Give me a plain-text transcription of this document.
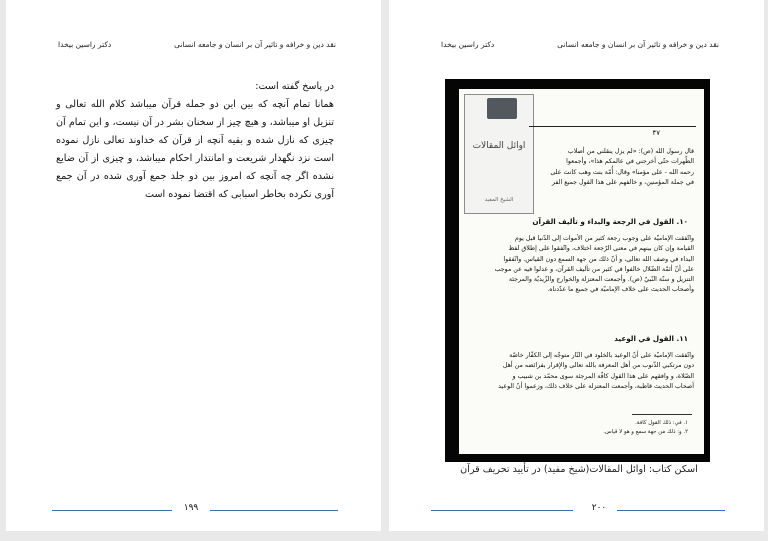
نقد دین و خرافه و تاثیر آن بر انسان و جامعه انسانی
دکتر راسین بیخدا

در پاسخ گفته است:

همانا تمام آنچه که بین این دو جمله قرآن میباشد کلام الله تعالی و تنزیل او میباشد، و هیچ چیز از سخنان بشر در آن نیست، و این تمام آن چیزی که نازل شده و بقیه آنچه از قرآن که خداوند تعالی نازل نموده است نزد نگهدار شریعت و امانتدار احکام میباشد، و چیزی از آن ضایع نشده اگر چه آنچه که امروز بین دو جلد جمع آوری شده در آن جمع آوری نکرده بخاطر اسبابی که اقتضا نموده است

۱۹۹
نقد دین و خرافه و تاثیر آن بر انسان و جامعه انسانی
دکتر راسین بیخدا
اوائل المقالات
الشیخ المفید
۴۷

قال رسول الله (ص): «لم يزل ينقلني من أصلاب

الطّهرات حتّى أخرجني في عالمكم هذا»، وأجمعوا

رحمه الله - على مؤمنا» وقال: أُمّة بنت وهب كانت على

في جملة المؤمنين، و خالفهم على هذا القول جميع الفر

١٠. القول في الرجعة والبداء و تأليف القرآن

واتّفقت الإماميّة على وجوب رجعة كثير من الأموات إلى الدّنيا قبل يوم

القيامة وإن كان بينهم في معنى الرّجعة اختلاف، واتّفقوا على إطلاق لفظ

البداء في وصف الله تعالى، و أنّ ذلك من جهة السمع دون القياس. واتّفقوا

على أنّ أئمّة الضّلال خالفوا في كثير من تأليف القرآن، و عدلوا فيه عن موجب

التنزيل و سنّة النّبيّ (ص). وأجمعت المعتزلة والخوارج والزّيديّة والمرجئة

وأصحاب الحديث على خلاف الإماميّة في جميع ما عدّدناه.

١١. القول في الوعيد

واتّفقت الإماميّة على أنّ الوعيد بالخلود في النّار متوجّه إلى الكفّار خاصّة

دون مرتكبي الذّنوب من أهل المعرفة بالله تعالى والإقرار بفرائضه من أهل

الصّلاة، و وافقهم على هذا القول كافّة المرجئة سوى محمّد بن شبيب و

أصحاب الحديث قاطبة، وأجمعت المعتزلة على خلاف ذلك، وزعموا أنّ الوعيد

١. في: ذلك القول كافة.

٢. و: ذلك من جهة سمع و هو لا قياس.

اسکن کتاب: اوائل المقالات(شیخ مفید) در تأیید تحریف قرآن
۲۰۰
